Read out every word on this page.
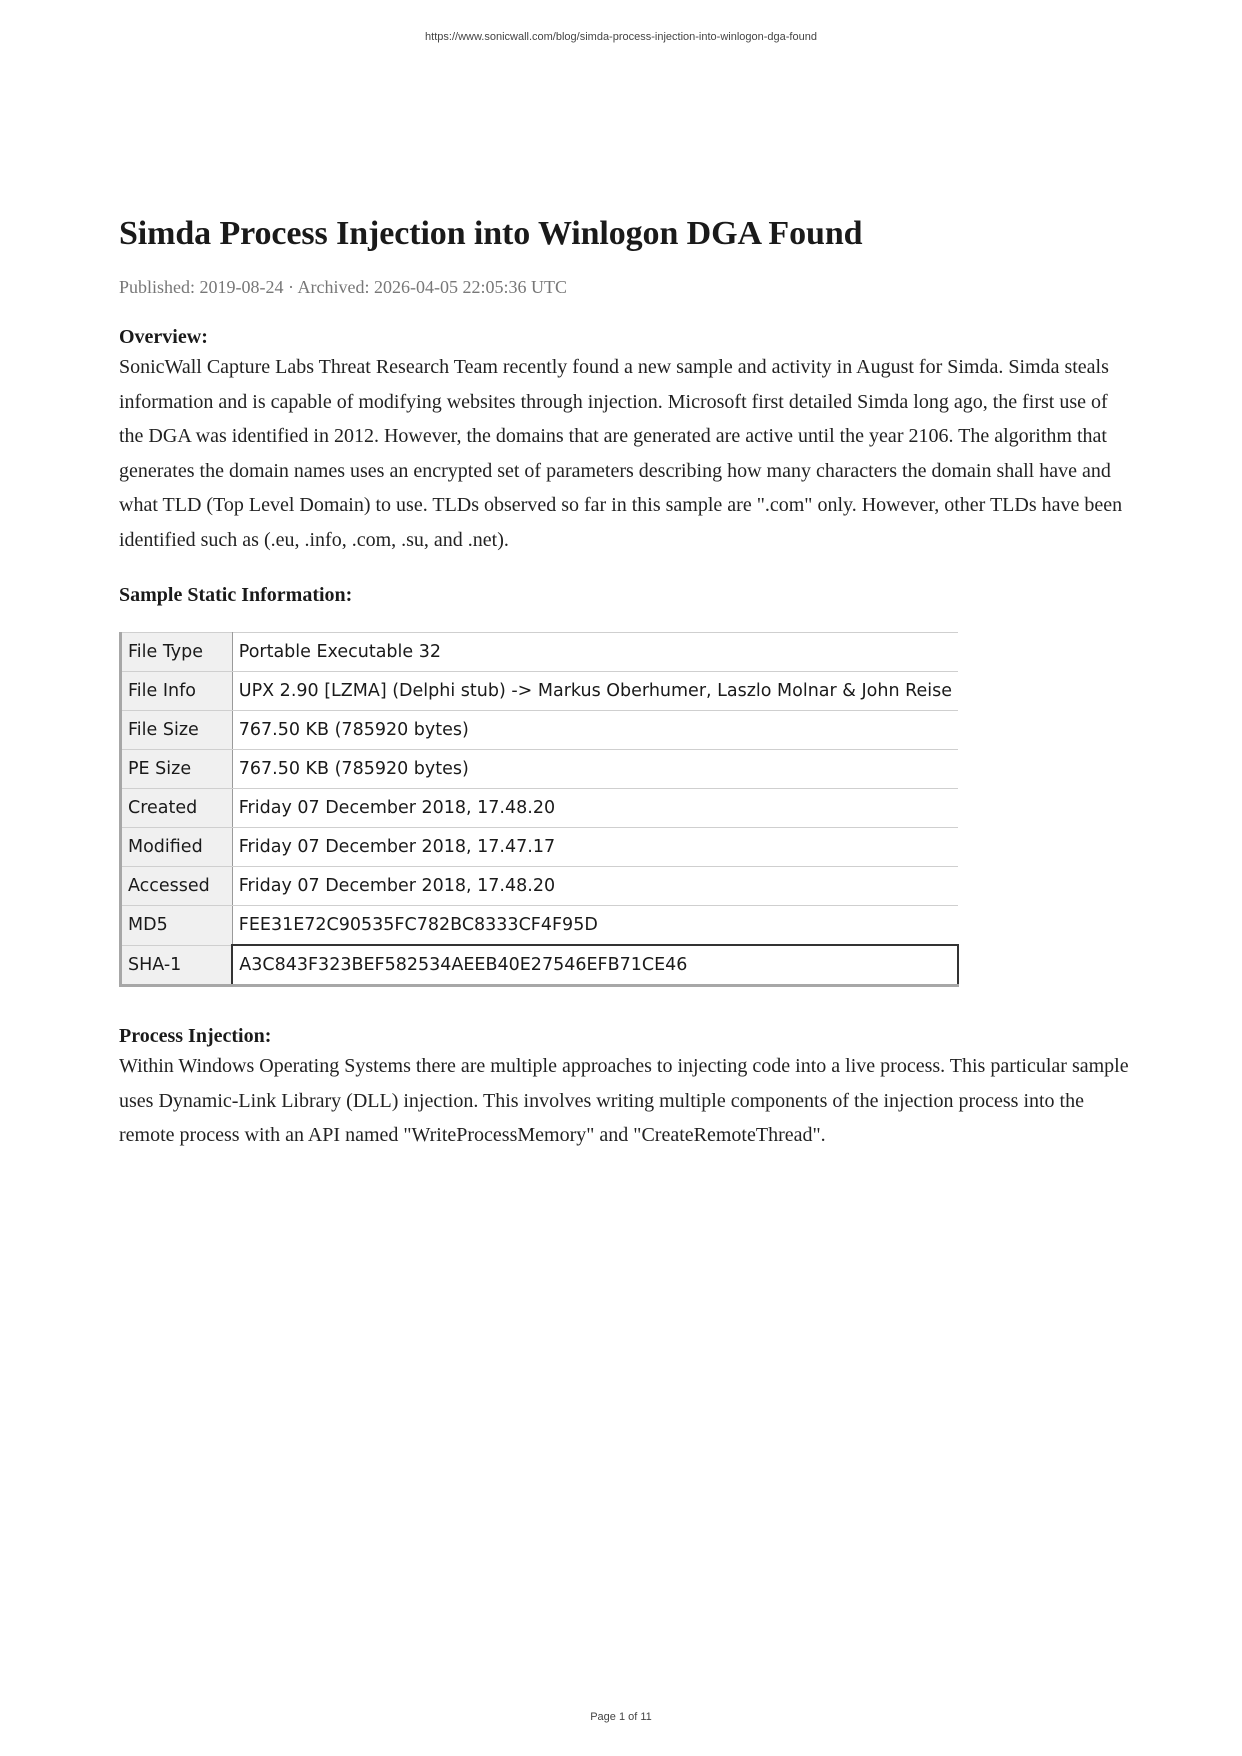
https://www.sonicwall.com/blog/simda-process-injection-into-winlogon-dga-found
Simda Process Injection into Winlogon DGA Found
Published: 2019-08-24 · Archived: 2026-04-05 22:05:36 UTC
Overview:

SonicWall Capture Labs Threat Research Team recently found a new sample and activity in August for Simda. Simda steals information and is capable of modifying websites through injection. Microsoft first detailed Simda long ago, the first use of the DGA was identified in 2012. However, the domains that are generated are active until the year 2106. The algorithm that generates the domain names uses an encrypted set of parameters describing how many characters the domain shall have and what TLD (Top Level Domain) to use. TLDs observed so far in this sample are ".com" only. However, other TLDs have been identified such as (.eu, .info, .com, .su, and .net).

Sample Static Information:
File Type	Portable Executable 32
File Info	UPX 2.90 [LZMA] (Delphi stub) -> Markus Oberhumer, Laszlo Molnar & John Reise
File Size	767.50 KB (785920 bytes)
PE Size	767.50 KB (785920 bytes)
Created	Friday 07 December 2018, 17.48.20
Modified	Friday 07 December 2018, 17.47.17
Accessed	Friday 07 December 2018, 17.48.20
MD5	FEE31E72C90535FC782BC8333CF4F95D
SHA-1	A3C843F323BEF582534AEEB40E27546EFB71CE46
Process Injection:

Within Windows Operating Systems there are multiple approaches to injecting code into a live process. This particular sample uses Dynamic-Link Library (DLL) injection. This involves writing multiple components of the injection process into the remote process with an API named "WriteProcessMemory" and "CreateRemoteThread".

Page 1 of 11
